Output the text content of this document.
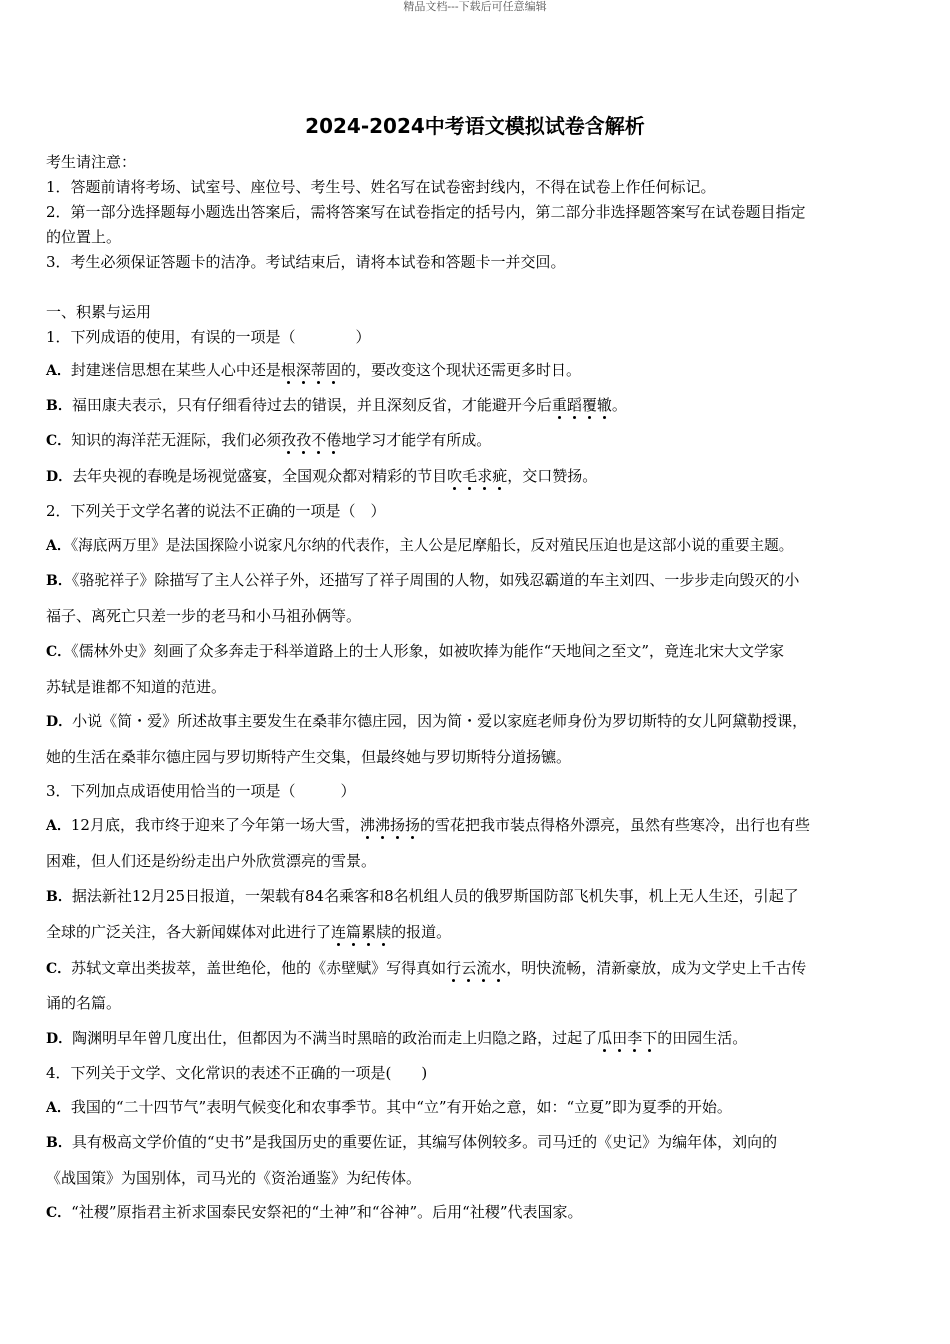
精品文档---下载后可任意编辑
2024-2024中考语文模拟试卷含解析
考生请注意：
1．答题前请将考场、试室号、座位号、考生号、姓名写在试卷密封线内，不得在试卷上作任何标记。
2．第一部分选择题每小题选出答案后，需将答案写在试卷指定的括号内，第二部分非选择题答案写在试卷题目指定
的位置上。
3．考生必须保证答题卡的洁净。考试结束后，请将本试卷和答题卡一并交回。
一、积累与运用
1．下列成语的使用，有误的一项是（　　　　）
A．封建迷信思想在某些人心中还是根深蒂固的，要改变这个现状还需更多时日。
B．福田康夫表示，只有仔细看待过去的错误，并且深刻反省，才能避开今后重蹈覆辙。
C．知识的海洋茫无涯际，我们必须孜孜不倦地学习才能学有所成。
D．去年央视的春晚是场视觉盛宴，全国观众都对精彩的节目吹毛求疵，交口赞扬。
2．下列关于文学名著的说法不正确的一项是（　）
A．《海底两万里》是法国探险小说家凡尔纳的代表作，主人公是尼摩船长，反对殖民压迫也是这部小说的重要主题。
B．《骆驼祥子》除描写了主人公祥子外，还描写了祥子周围的人物，如残忍霸道的车主刘四、一步步走向毁灭的小
福子、离死亡只差一步的老马和小马祖孙俩等。
C．《儒林外史》刻画了众多奔走于科举道路上的士人形象，如被吹捧为能作“天地间之至文”，竟连北宋大文学家
苏轼是谁都不知道的范进。
D．小说《简・爱》所述故事主要发生在桑菲尔德庄园，因为简・爱以家庭老师身份为罗切斯特的女儿阿黛勒授课，
她的生活在桑菲尔德庄园与罗切斯特产生交集，但最终她与罗切斯特分道扬镳。
3．下列加点成语使用恰当的一项是（　　　）
A．12月底，我市终于迎来了今年第一场大雪，沸沸扬扬的雪花把我市装点得格外漂亮，虽然有些寒冷，出行也有些
困难，但人们还是纷纷走出户外欣赏漂亮的雪景。
B．据法新社12月25日报道，一架载有84名乘客和8名机组人员的俄罗斯国防部飞机失事，机上无人生还，引起了
全球的广泛关注，各大新闻媒体对此进行了连篇累牍的报道。
C．苏轼文章出类拔萃，盖世绝伦，他的《赤壁赋》写得真如行云流水，明快流畅，清新豪放，成为文学史上千古传
诵的名篇。
D．陶渊明早年曾几度出仕，但都因为不满当时黑暗的政治而走上归隐之路，过起了瓜田李下的田园生活。
4．下列关于文学、文化常识的表述不正确的一项是(　　)
A．我国的“二十四节气”表明气候变化和农事季节。其中“立”有开始之意，如：“立夏”即为夏季的开始。
B．具有极高文学价值的“史书”是我国历史的重要佐证，其编写体例较多。司马迁的《史记》为编年体，刘向的
《战国策》为国别体，司马光的《资治通鉴》为纪传体。
C．“社稷”原指君主祈求国泰民安祭祀的“土神”和“谷神”。后用“社稷”代表国家。
